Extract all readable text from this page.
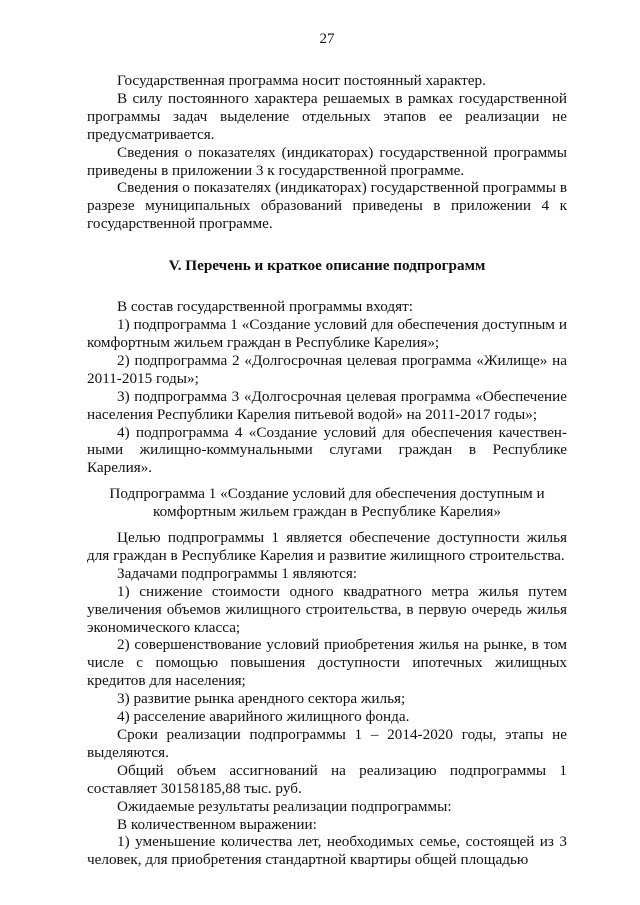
27

Государственная программа носит постоянный характер.

В силу постоянного характера решаемых в рамках государственной программы задач выделение отдельных этапов ее реализации не предусматривается.

Сведения о показателях (индикаторах) государственной программы приведены в приложении 3 к государственной программе.

Сведения о показателях (индикаторах) государственной программы в разрезе муниципальных образований приведены в приложении 4 к государственной программе.

V. Перечень и краткое описание подпрограмм

В состав государственной программы входят:

1) подпрограмма 1 «Создание условий для обеспечения доступным и комфортным жильем граждан в Республике Карелия»;

2) подпрограмма 2 «Долгосрочная целевая программа «Жилище» на 2011-2015 годы»;

3) подпрограмма 3 «Долгосрочная целевая программа «Обеспечение населения Республики Карелия питьевой водой» на 2011-2017 годы»;

4) подпрограмма 4 «Создание условий для обеспечения качествен-ными жилищно-коммунальными слугами граждан в Республике Карелия».

Подпрограмма 1 «Создание условий для обеспечения доступным и
комфортным жильем граждан в Республике Карелия»

Целью подпрограммы 1 является обеспечение доступности жилья для граждан в Республике Карелия и развитие жилищного строительства.

Задачами подпрограммы 1 являются:

1) снижение стоимости одного квадратного метра жилья путем увеличения объемов жилищного строительства, в первую очередь жилья экономического класса;

2) совершенствование условий приобретения жилья на рынке, в том числе с помощью повышения доступности ипотечных жилищных кредитов для населения;

3) развитие рынка арендного сектора жилья;

4) расселение аварийного жилищного фонда.

Сроки реализации подпрограммы 1 – 2014-2020 годы, этапы не выделяются.

Общий объем ассигнований на реализацию подпрограммы 1 составляет 30158185,88 тыс. руб.

Ожидаемые результаты реализации подпрограммы:

В количественном выражении:

1) уменьшение количества лет, необходимых семье, состоящей из 3 человек, для приобретения стандартной квартиры общей площадью
